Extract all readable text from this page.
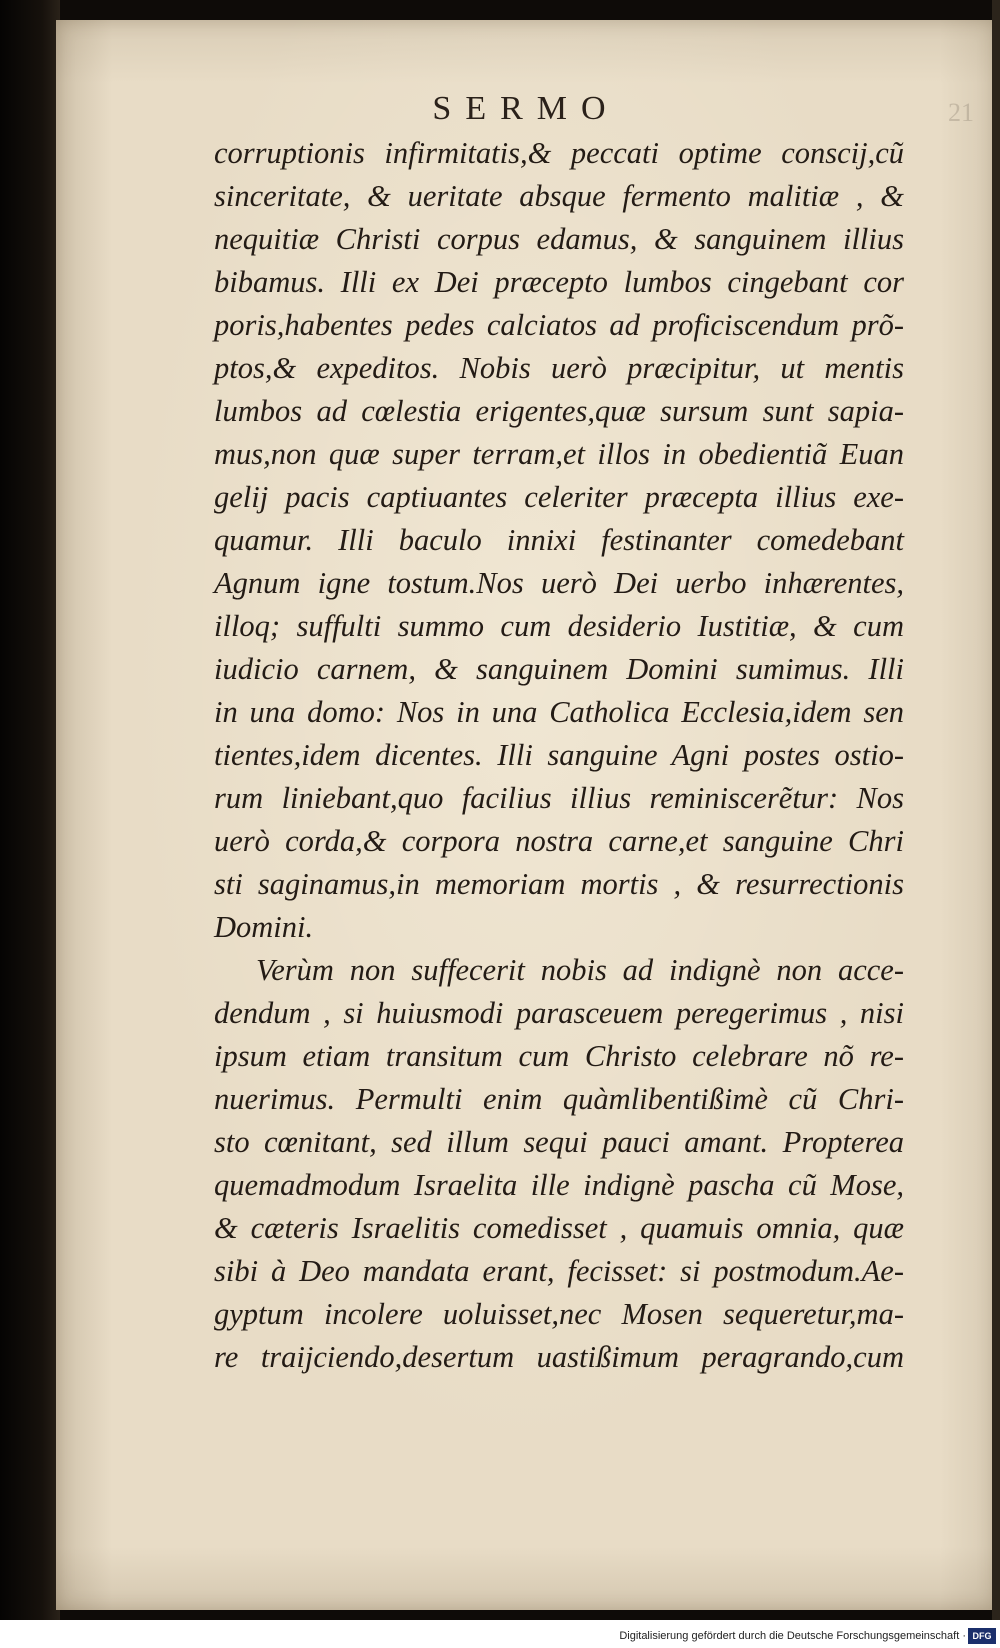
SERMO	21
corruptionis infirmitatis,& peccati optime conscij,cũ
sinceritate, & ueritate absque fermento malitiæ , &
nequitiæ Christi corpus edamus, & sanguinem illius
bibamus. Illi ex Dei præcepto lumbos cingebant cor
poris,habentes pedes calciatos ad proficiscendum prõ-
ptos,& expeditos. Nobis uerò præcipitur, ut mentis
lumbos ad cœlestia erigentes,quæ sursum sunt sapia-
mus,non quæ super terram,et illos in obedientiã Euan
gelij pacis captiuantes celeriter præcepta illius exe-
quamur. Illi baculo innixi festinanter comedebant
Agnum igne tostum.Nos uerò Dei uerbo inhærentes,
illoq; suffulti summo cum desiderio Iustitiæ, & cum
iudicio carnem, & sanguinem Domini sumimus. Illi
in una domo: Nos in una Catholica Ecclesia,idem sen
tientes,idem dicentes. Illi sanguine Agni postes ostio-
rum liniebant,quo facilius illius reminiscerẽtur: Nos
uerò corda,& corpora nostra carne,et sanguine Chri
sti saginamus,in memoriam mortis , & resurrectionis
Domini.
Verùm non suffecerit nobis ad indignè non acce-
dendum , si huiusmodi parasceuem peregerimus , nisi
ipsum etiam transitum cum Christo celebrare nõ re-
nuerimus. Permulti enim quàmlibentißimè cũ Chri-
sto cœnitant, sed illum sequi pauci amant. Propterea
quemadmodum Israelita ille indignè pascha cũ Mose,
& cæteris Israelitis comedisset , quamuis omnia, quæ
sibi à Deo mandata erant, fecisset: si postmodum.Ae-
gyptum incolere uoluisset,nec Mosen sequeretur,ma-
re traijciendo,desertum uastißimum peragrando,cum
Digitalisierung gefördert durch die Deutsche Forschungsgemeinschaft · DFG
